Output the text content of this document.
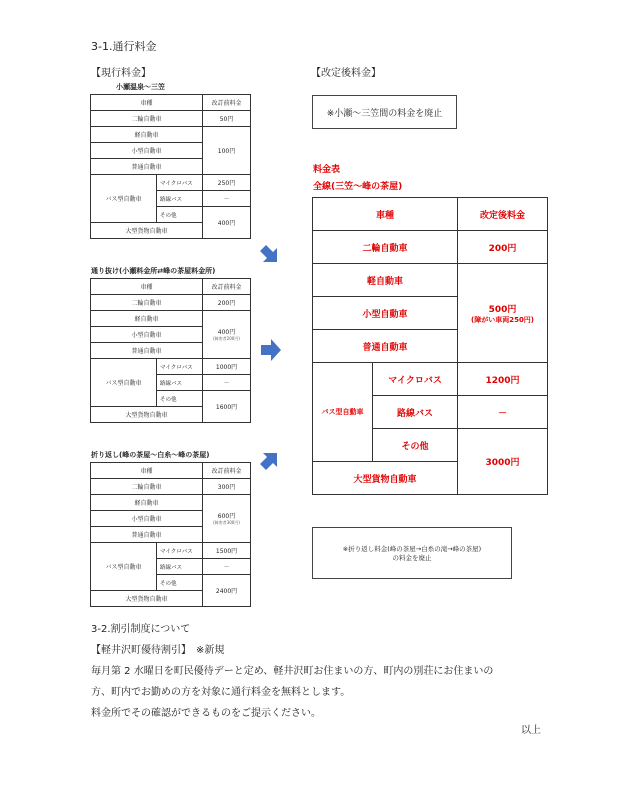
3-1.通行料金
【現行料金】	【改定後料金】
小瀬温泉～三笠
車種		改訂前料金
二輪自動車		50円
軽自動車		100円
小型自動車		
普通自動車		
バス型自動車	マイクロバス	250円
	路線バス	－
	その他	400円
大型貨物自動車		
通り抜け(小瀬料金所⇄峰の茶屋料金所)
車種		改訂前料金
二輪自動車		200円
軽自動車		400円
(障害者200円)

小型自動車		
普通自動車		
バス型自動車	マイクロバス	1000円
	路線バス	－
	その他	1600円
大型貨物自動車		
折り返し(峰の茶屋～白糸～峰の茶屋)
車種		改訂前料金
二輪自動車		300円
軽自動車		600円
(障害者300円)

小型自動車		
普通自動車		
バス型自動車	マイクロバス	1500円
	路線バス	－
	その他	2400円
大型貨物自動車		
※小瀬～三笠間の料金を廃止
料金表
全線(三笠～峰の茶屋)
車種		改定後料金
二輪自動車		200円
軽自動車		500円
(障がい車両250円)

小型自動車		
普通自動車		
バス型自動車	マイクロバス	1200円
	路線バス	－
	その他	3000円
大型貨物自動車		
※折り返し料金(峰の茶屋→白糸の滝→峰の茶屋)
の料金を廃止
3-2.割引制度について
【軽井沢町優待割引】　※新規
毎月第 2 水曜日を町民優待デーと定め、軽井沢町お住まいの方、町内の別荘にお住まいの
方、町内でお勤めの方を対象に通行料金を無料とします。
料金所でその確認ができるものをご提示ください。
以上
